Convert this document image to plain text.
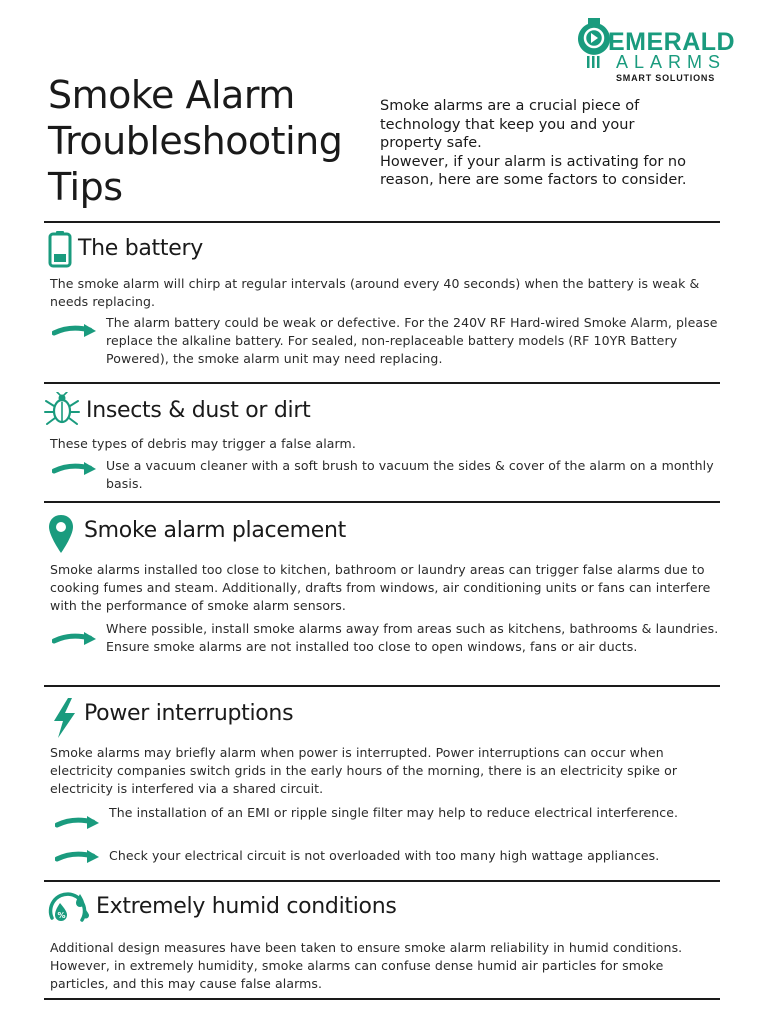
EMERALD
ALARMS
SMART SOLUTIONS
Smoke Alarm
Troubleshooting
Tips

Smoke alarms are a crucial piece of technology that keep you and your property safe.

However, if your alarm is activating for no reason, here are some factors to consider.

The battery
The smoke alarm will chirp at regular intervals (around every 40 seconds) when the battery is weak & needs replacing.
The alarm battery could be weak or defective. For the 240V RF Hard-wired Smoke Alarm, please replace the alkaline battery. For sealed, non-replaceable battery models (RF 10YR Battery Powered), the smoke alarm unit may need replacing.
Insects & dust or dirt
These types of debris may trigger a false alarm.
Use a vacuum cleaner with a soft brush to vacuum the sides & cover of the alarm on a monthly basis.
Smoke alarm placement
Smoke alarms installed too close to kitchen, bathroom or laundry areas can trigger false alarms due to cooking fumes and steam. Additionally, drafts from windows, air conditioning units or fans can interfere with the performance of smoke alarm sensors.
Where possible, install smoke alarms away from areas such as kitchens, bathrooms & laundries. Ensure smoke alarms are not installed too close to open windows, fans or air ducts.
Power interruptions
Smoke alarms may briefly alarm when power is interrupted. Power interruptions can occur when electricity companies switch grids in the early hours of the morning, there is an electricity spike or electricity is interfered via a shared circuit.
The installation of an EMI or ripple single filter may help to reduce electrical interference.
Check your electrical circuit is not overloaded with too many high wattage appliances.
% Extremely humid conditions
Additional design measures have been taken to ensure smoke alarm reliability in humid conditions. However, in extremely humidity, smoke alarms can confuse dense humid air particles for smoke particles, and this may cause false alarms.
